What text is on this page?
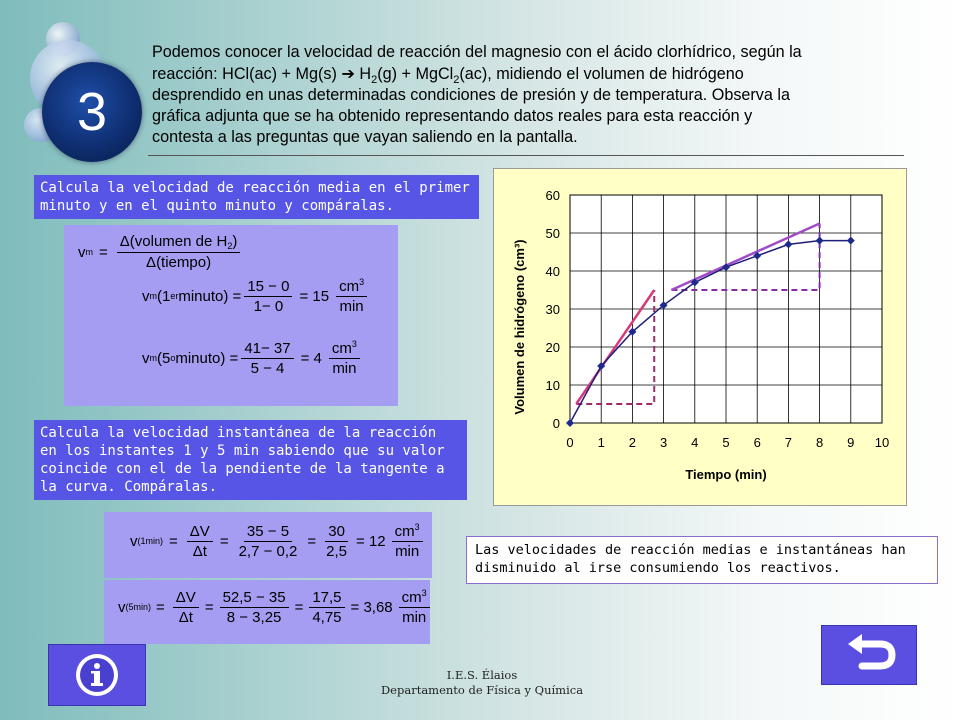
3
Podemos conocer la velocidad de reacción del magnesio con el ácido clorhídrico, según la
reacción: HCl(ac) + Mg(s) ➔ $H_2(g)$ + MgCl$_2$(ac), midiendo el volumen de hidrógeno
desprendido en unas determinadas condiciones de presión y de temperatura. Observa la
gráfica adjunta que se ha obtenido representando datos reales para esta reacción y
contesta a las preguntas que vayan saliendo en la pantalla.
Calcula la velocidad de reacción media en el primer minuto y en el quinto minuto y compáralas.
v $m = \frac{\Delta(volumen de H_2)}{\text{Δ(tiempo)}}$
v m (1 er minuto) = $\frac{15 - 0}{1- 0} = 15 \frac{cm^3}{\min}$
v m (5 o minuto) = $\frac{41- 37}{5 - 4} = 4 \frac{cm^3}{\min}$
Calcula la velocidad instantánea de la reacción en los instantes 1 y 5 min sabiendo que su valor coincide con el de la pendiente de la tangente a la curva. Compáralas.
v $(1\min) = \frac{\Delta V}{\Delta t} = \frac{35 - 5}{2,7 - 0,2} = \frac{30}{2,5} = 12 \frac{cm^3}{\min}$
v $(5\min) = \frac{\Delta V}{\Delta t} = \frac{52,5 - 35}{8 - 3,25} = \frac{17,5}{4,75} = 3,68 \frac{cm^3}{\min}$
0 1 2 3 4 5 6 7 8 9 10
0
10
20
30
40
50
60
Tiempo (min)
Volumen de hidrógeno (cm³)
Las velocidades de reacción medias e instantáneas han disminuido al irse consumiendo los reactivos.
I.E.S. Élaios
Departamento de Física y Química
